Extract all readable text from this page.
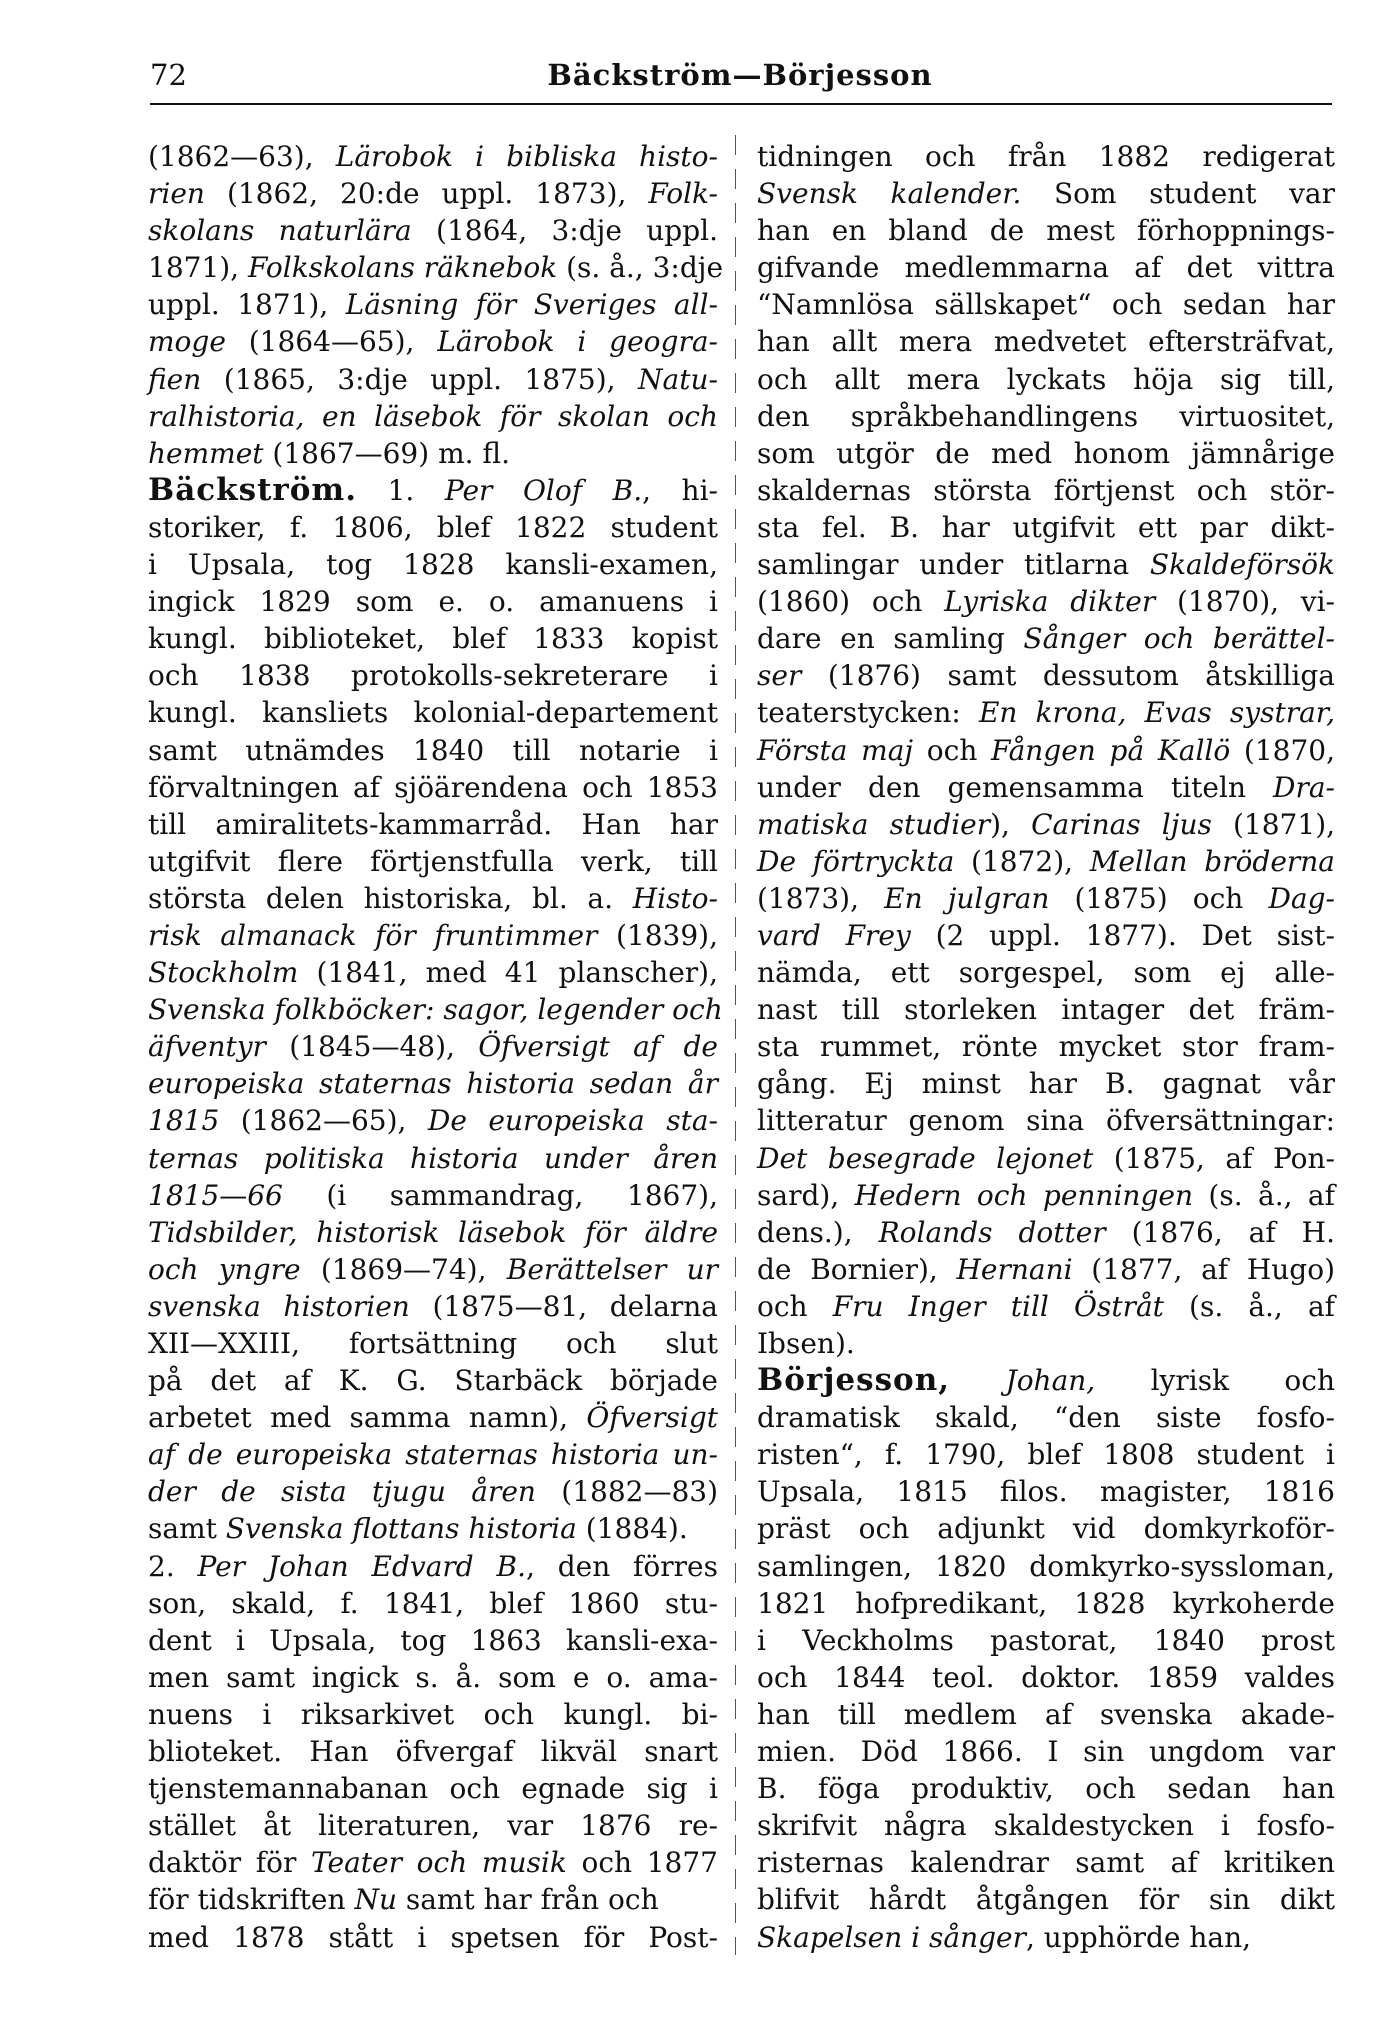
72	Bäckström—Börjesson
(1862—63), Lärobok i bibliska histo-
rien (1862, 20:de uppl. 1873), Folk-
skolans naturlära (1864, 3:dje uppl.
1871), Folkskolans räknebok (s. å., 3:dje
uppl. 1871), Läsning för Sveriges all-
moge (1864—65), Lärobok i geogra-
fien (1865, 3:dje uppl. 1875), Natu-
ralhistoria, en läsebok för skolan och
hemmet (1867—69) m. fl.
Bäckström. 1. Per Olof B., hi-
storiker, f. 1806, blef 1822 student
i Upsala, tog 1828 kansli-examen,
ingick 1829 som e. o. amanuens i
kungl. biblioteket, blef 1833 kopist
och 1838 protokolls-sekreterare i
kungl. kansliets kolonial-departement
samt utnämdes 1840 till notarie i
förvaltningen af sjöärendena och 1853
till amiralitets-kammarråd. Han har
utgifvit flere förtjenstfulla verk, till
största delen historiska, bl. a. Histo-
risk almanack för fruntimmer (1839),
Stockholm (1841, med 41 planscher),
Svenska folkböcker: sagor, legender och
äfventyr (1845—48), Öfversigt af de
europeiska staternas historia sedan år
1815 (1862—65), De europeiska sta-
ternas politiska historia under åren
1815—66 (i sammandrag, 1867),
Tidsbilder, historisk läsebok för äldre
och yngre (1869—74), Berättelser ur
svenska historien (1875—81, delarna
XII—XXIII, fortsättning och slut
på det af K. G. Starbäck började
arbetet med samma namn), Öfversigt
af de europeiska staternas historia un-
der de sista tjugu åren (1882—83)
samt Svenska flottans historia (1884).
2. Per Johan Edvard B., den förres
son, skald, f. 1841, blef 1860 stu-
dent i Upsala, tog 1863 kansli-exa-
men samt ingick s. å. som e o. ama-
nuens i riksarkivet och kungl. bi-
blioteket. Han öfvergaf likväl snart
tjenstemannabanan och egnade sig i
stället åt literaturen, var 1876 re-
daktör för Teater och musik och 1877
för tidskriften Nu samt har från och
med 1878 stått i spetsen för Post-
tidningen och från 1882 redigerat
Svensk kalender. Som student var
han en bland de mest förhoppnings-
gifvande medlemmarna af det vittra
“Namnlösa sällskapet“ och sedan har
han allt mera medvetet eftersträfvat,
och allt mera lyckats höja sig till,
den språkbehandlingens virtuositet,
som utgör de med honom jämnårige
skaldernas största förtjenst och stör-
sta fel. B. har utgifvit ett par dikt-
samlingar under titlarna Skaldeförsök
(1860) och Lyriska dikter (1870), vi-
dare en samling Sånger och berättel-
ser (1876) samt dessutom åtskilliga
teaterstycken: En krona, Evas systrar,
Första maj och Fången på Kallö (1870,
under den gemensamma titeln Dra-
matiska studier), Carinas ljus (1871),
De förtryckta (1872), Mellan bröderna
(1873), En julgran (1875) och Dag-
vard Frey (2 uppl. 1877). Det sist-
nämda, ett sorgespel, som ej alle-
nast till storleken intager det främ-
sta rummet, rönte mycket stor fram-
gång. Ej minst har B. gagnat vår
litteratur genom sina öfversättningar:
Det besegrade lejonet (1875, af Pon-
sard), Hedern och penningen (s. å., af
dens.), Rolands dotter (1876, af H.
de Bornier), Hernani (1877, af Hugo)
och Fru Inger till Östråt (s. å., af
Ibsen).
Börjesson, Johan, lyrisk och
dramatisk skald, “den siste fosfo-
risten“, f. 1790, blef 1808 student i
Upsala, 1815 filos. magister, 1816
präst och adjunkt vid domkyrkoför-
samlingen, 1820 domkyrko-syssloman,
1821 hofpredikant, 1828 kyrkoherde
i Veckholms pastorat, 1840 prost
och 1844 teol. doktor. 1859 valdes
han till medlem af svenska akade-
mien. Död 1866. I sin ungdom var
B. föga produktiv, och sedan han
skrifvit några skaldestycken i fosfo-
risternas kalendrar samt af kritiken
blifvit hårdt åtgången för sin dikt
Skapelsen i sånger, upphörde han,
